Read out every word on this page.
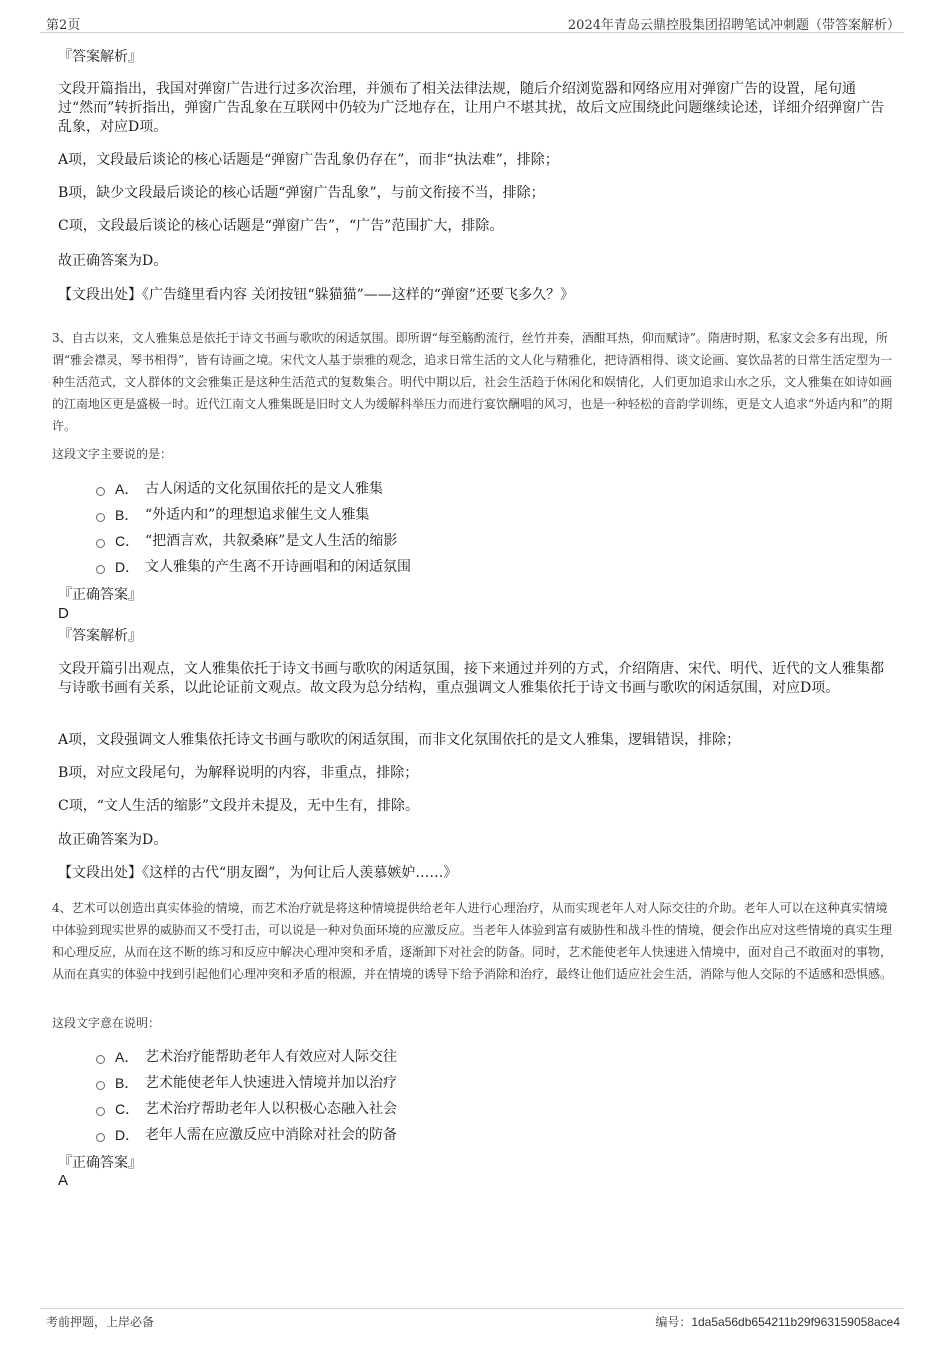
第2页	2024年青岛云鼎控股集团招聘笔试冲刺题（带答案解析）
『答案解析』
文段开篇指出，我国对弹窗广告进行过多次治理，并颁布了相关法律法规，随后介绍浏览器和网络应用对弹窗广告的设置，尾句通过“然而”转折指出，弹窗广告乱象在互联网中仍较为广泛地存在，让用户不堪其扰，故后文应围绕此问题继续论述，详细介绍弹窗广告乱象，对应D项。
A项，文段最后谈论的核心话题是“弹窗广告乱象仍存在”，而非“执法难”，排除；
B项，缺少文段最后谈论的核心话题“弹窗广告乱象”，与前文衔接不当，排除；
C项，文段最后谈论的核心话题是“弹窗广告”，“广告”范围扩大，排除。
故正确答案为D。
【文段出处】《广告缝里看内容 关闭按钮“躲猫猫”——这样的“弹窗”还要飞多久？》
3、自古以来，文人雅集总是依托于诗文书画与歌吹的闲适氛围。即所谓“每至觞酌流行，丝竹并奏，酒酣耳热，仰而赋诗”。隋唐时期，私家文会多有出现，所谓“雅会襟灵，琴书相得”，皆有诗画之境。宋代文人基于崇雅的观念，追求日常生活的文人化与精雅化，把诗酒相得、谈文论画、宴饮品茗的日常生活定型为一种生活范式，文人群体的文会雅集正是这种生活范式的复数集合。明代中期以后，社会生活趋于休闲化和娱情化，人们更加追求山水之乐，文人雅集在如诗如画的江南地区更是盛极一时。近代江南文人雅集既是旧时文人为缓解科举压力而进行宴饮酬唱的风习，也是一种轻松的音韵学训练，更是文人追求“外适内和”的期许。
这段文字主要说的是：
A． 古人闲适的文化氛围依托的是文人雅集
B． “外适内和”的理想追求催生文人雅集
C． “把酒言欢，共叙桑麻”是文人生活的缩影
D． 文人雅集的产生离不开诗画唱和的闲适氛围
『正确答案』
D
『答案解析』
文段开篇引出观点，文人雅集依托于诗文书画与歌吹的闲适氛围，接下来通过并列的方式，介绍隋唐、宋代、明代、近代的文人雅集都与诗歌书画有关系，以此论证前文观点。故文段为总分结构，重点强调文人雅集依托于诗文书画与歌吹的闲适氛围，对应D项。
A项，文段强调文人雅集依托诗文书画与歌吹的闲适氛围，而非文化氛围依托的是文人雅集，逻辑错误，排除；
B项，对应文段尾句，为解释说明的内容，非重点，排除；
C项，“文人生活的缩影”文段并未提及，无中生有，排除。
故正确答案为D。
【文段出处】《这样的古代“朋友圈”，为何让后人羡慕嫉妒……》
4、艺术可以创造出真实体验的情境，而艺术治疗就是将这种情境提供给老年人进行心理治疗，从而实现老年人对人际交往的介助。老年人可以在这种真实情境中体验到现实世界的威胁而又不受打击，可以说是一种对负面环境的应激反应。当老年人体验到富有威胁性和战斗性的情境，便会作出应对这些情境的真实生理和心理反应，从而在这不断的练习和反应中解决心理冲突和矛盾，逐渐卸下对社会的防备。同时，艺术能使老年人快速进入情境中，面对自己不敢面对的事物，从而在真实的体验中找到引起他们心理冲突和矛盾的根源，并在情境的诱导下给予消除和治疗，最终让他们适应社会生活，消除与他人交际的不适感和恐惧感。
这段文字意在说明：
A． 艺术治疗能帮助老年人有效应对人际交往
B． 艺术能使老年人快速进入情境并加以治疗
C． 艺术治疗帮助老年人以积极心态融入社会
D． 老年人需在应激反应中消除对社会的防备
『正确答案』
A
考前押题，上岸必备	编号：1da5a56db654211b29f963159058ace4
